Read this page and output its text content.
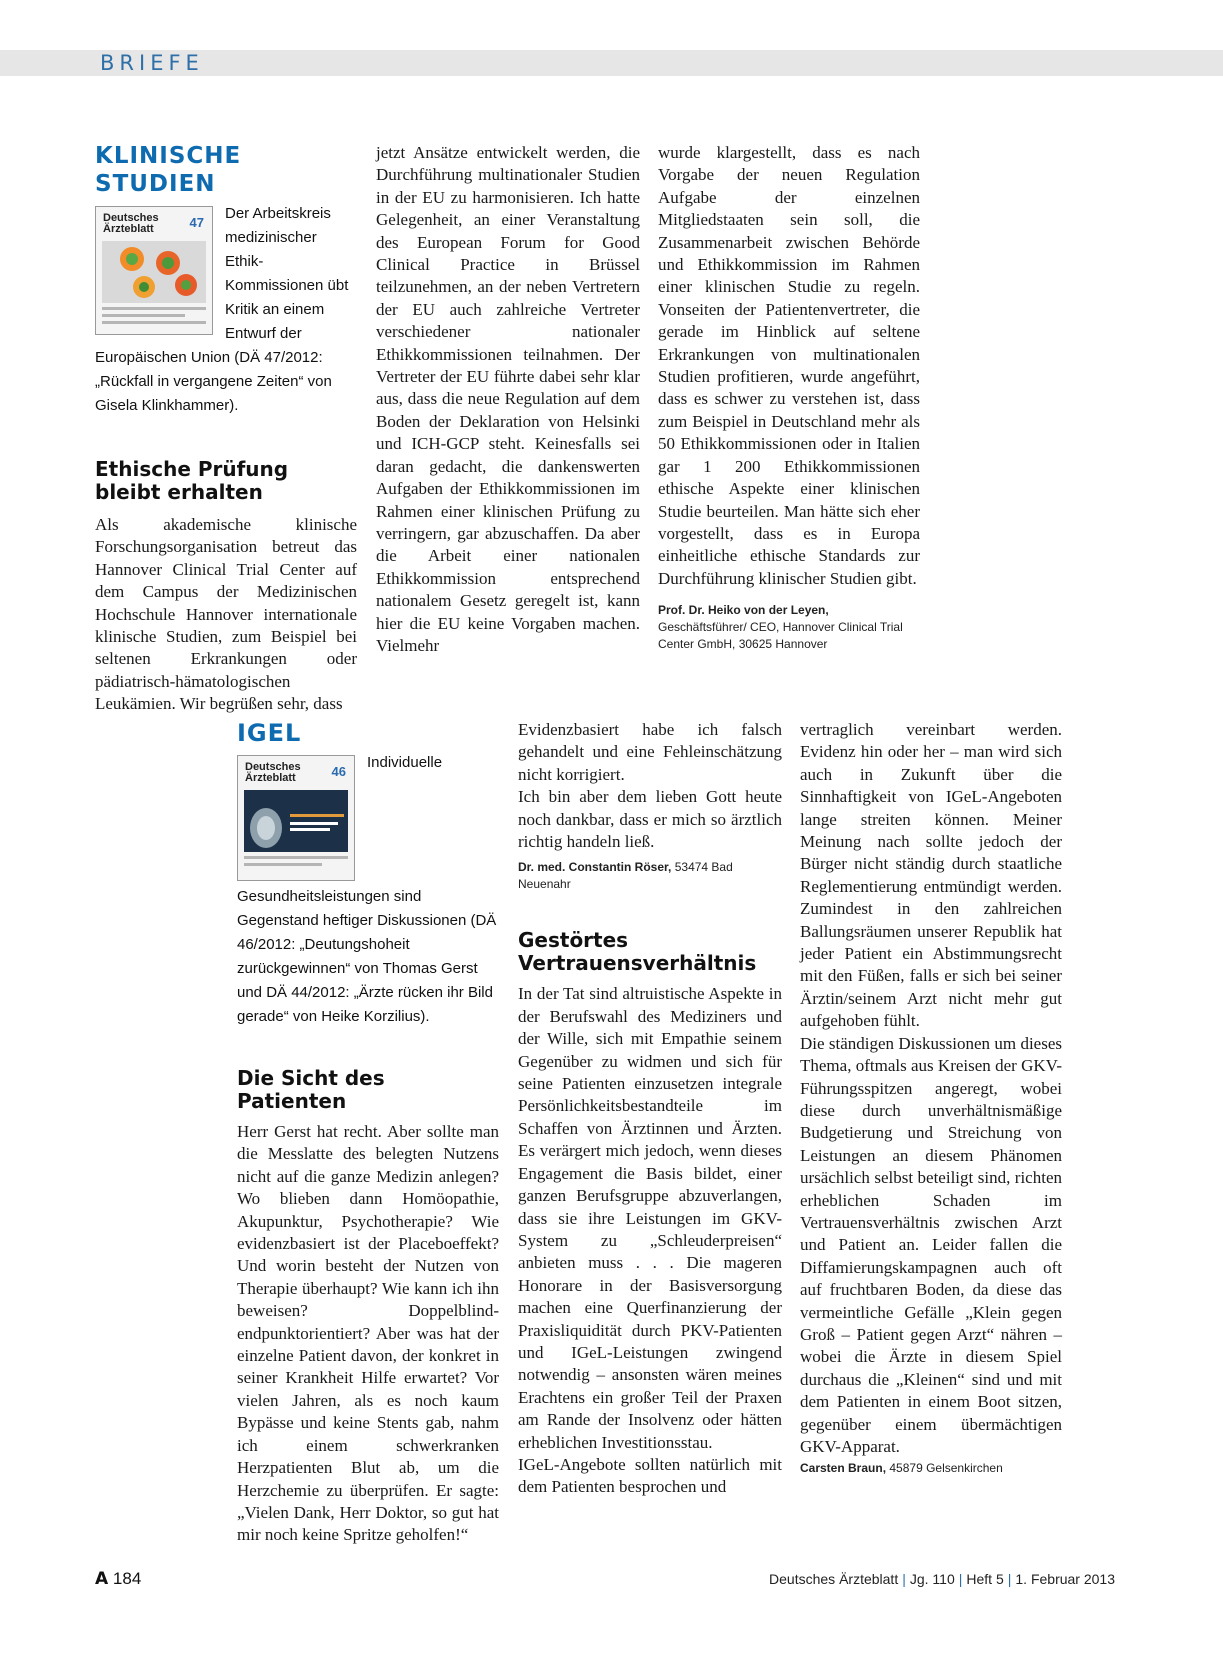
BRIEFE
KLINISCHE STUDIEN
Deutsches
Ärzteblatt	47
Der Arbeitskreis medizinischer Ethik-Kommissionen übt Kritik an einem Entwurf der Europäischen Union (DÄ 47/2012: „Rückfall in vergangene Zeiten“ von Gisela Klinkhammer).
Ethische Prüfung bleibt erhalten

Als akademische klinische Forschungsorganisation betreut das Hannover Clinical Trial Center auf dem Campus der Medizinischen Hochschule Hannover internationale klinische Studien, zum Beispiel bei seltenen Erkrankungen oder pädiatrisch-hämatologischen Leukämien. Wir begrüßen sehr, dass

jetzt Ansätze entwickelt werden, die Durchführung multinationaler Studien in der EU zu harmonisieren. Ich hatte Gelegenheit, an einer Veranstaltung des European Forum for Good Clinical Practice in Brüssel teilzunehmen, an der neben Vertretern der EU auch zahlreiche Vertreter verschiedener nationaler Ethikkommissionen teilnahmen. Der Vertreter der EU führte dabei sehr klar aus, dass die neue Regulation auf dem Boden der Deklaration von Helsinki und ICH-GCP steht. Keinesfalls sei daran gedacht, die dankenswerten Aufgaben der Ethikkommissionen im Rahmen einer klinischen Prüfung zu verringern, gar abzuschaffen. Da aber die Arbeit einer nationalen Ethikkommission entsprechend nationalem Gesetz geregelt ist, kann hier die EU keine Vorgaben machen. Vielmehr
wurde klargestellt, dass es nach Vorgabe der neuen Regulation Aufgabe der einzelnen Mitgliedstaaten sein soll, die Zusammenarbeit zwischen Behörde und Ethikkommission im Rahmen einer klinischen Studie zu regeln. Vonseiten der Patientenvertreter, die gerade im Hinblick auf seltene Erkrankungen von multinationalen Studien profitieren, wurde angeführt, dass es schwer zu verstehen ist, dass zum Beispiel in Deutschland mehr als 50 Ethikkommissionen oder in Italien gar 1 200 Ethikkommissionen ethische Aspekte einer klinischen Studie beurteilen. Man hätte sich eher vorgestellt, dass es in Europa einheitliche ethische Standards zur Durchführung klinischer Studien gibt.
Prof. Dr. Heiko von der Leyen, Geschäftsführer/ CEO, Hannover Clinical Trial Center GmbH, 30625 Hannover
IGEL
Deutsches
Ärzteblatt	46
Individuelle Gesundheitsleistungen sind Gegenstand heftiger Diskussionen (DÄ 46/2012: „Deutungshoheit zurückgewinnen“ von Thomas Gerst und DÄ 44/2012: „Ärzte rücken ihr Bild gerade“ von Heike Korzilius).
Die Sicht des Patienten

Herr Gerst hat recht. Aber sollte man die Messlatte des belegten Nutzens nicht auf die ganze Medizin anlegen? Wo blieben dann Homöopathie, Akupunktur, Psychotherapie? Wie evidenzbasiert ist der Placeboeffekt? Und worin besteht der Nutzen von Therapie überhaupt? Wie kann ich ihn beweisen? Doppelblind-endpunktorientiert? Aber was hat der einzelne Patient davon, der konkret in seiner Krankheit Hilfe erwartet? Vor vielen Jahren, als es noch kaum Bypässe und keine Stents gab, nahm ich einem schwerkranken Herzpatienten Blut ab, um die Herzchemie zu überprüfen. Er sagte: „Vielen Dank, Herr Doktor, so gut hat mir noch keine Spritze geholfen!“

Evidenzbasiert habe ich falsch gehandelt und eine Fehleinschätzung nicht korrigiert.
Ich bin aber dem lieben Gott heute noch dankbar, dass er mich so ärztlich richtig handeln ließ.
Dr. med. Constantin Röser, 53474 Bad Neuenahr
Gestörtes Vertrauensverhältnis
In der Tat sind altruistische Aspekte in der Berufswahl des Mediziners und der Wille, sich mit Empathie seinem Gegenüber zu widmen und sich für seine Patienten einzusetzen integrale Persönlichkeitsbestandteile im Schaffen von Ärztinnen und Ärzten. Es verärgert mich jedoch, wenn dieses Engagement die Basis bildet, einer ganzen Berufsgruppe abzuverlangen, dass sie ihre Leistungen im GKV-System zu „Schleuderpreisen“ anbieten muss . . . Die mageren Honorare in der Basisversorgung machen eine Querfinanzierung der Praxisliquidität durch PKV-Patienten und IGeL-Leistungen zwingend notwendig – ansonsten wären meines Erachtens ein großer Teil der Praxen am Rande der Insolvenz oder hätten erheblichen Investitionsstau.
IGeL-Angebote sollten natürlich mit dem Patienten besprochen und
vertraglich vereinbart werden. Evidenz hin oder her – man wird sich auch in Zukunft über die Sinnhaftigkeit von IGeL-Angeboten lange streiten können. Meiner Meinung nach sollte jedoch der Bürger nicht ständig durch staatliche Reglementierung entmündigt werden. Zumindest in den zahlreichen Ballungsräumen unserer Republik hat jeder Patient ein Abstimmungsrecht mit den Füßen, falls er sich bei seiner Ärztin/seinem Arzt nicht mehr gut aufgehoben fühlt.
Die ständigen Diskussionen um dieses Thema, oftmals aus Kreisen der GKV-Führungsspitzen angeregt, wobei diese durch unverhältnismäßige Budgetierung und Streichung von Leistungen an diesem Phänomen ursächlich selbst beteiligt sind, richten erheblichen Schaden im Vertrauensverhältnis zwischen Arzt und Patient an. Leider fallen die Diffamierungskampagnen auch oft auf fruchtbaren Boden, da diese das vermeintliche Gefälle „Klein gegen Groß – Patient gegen Arzt“ nähren – wobei die Ärzte in diesem Spiel durchaus die „Kleinen“ sind und mit dem Patienten in einem Boot sitzen, gegenüber einem übermächtigen GKV-Apparat.
Carsten Braun, 45879 Gelsenkirchen
A 184	Deutsches Ärzteblatt | Jg. 110 | Heft 5 | 1. Februar 2013
